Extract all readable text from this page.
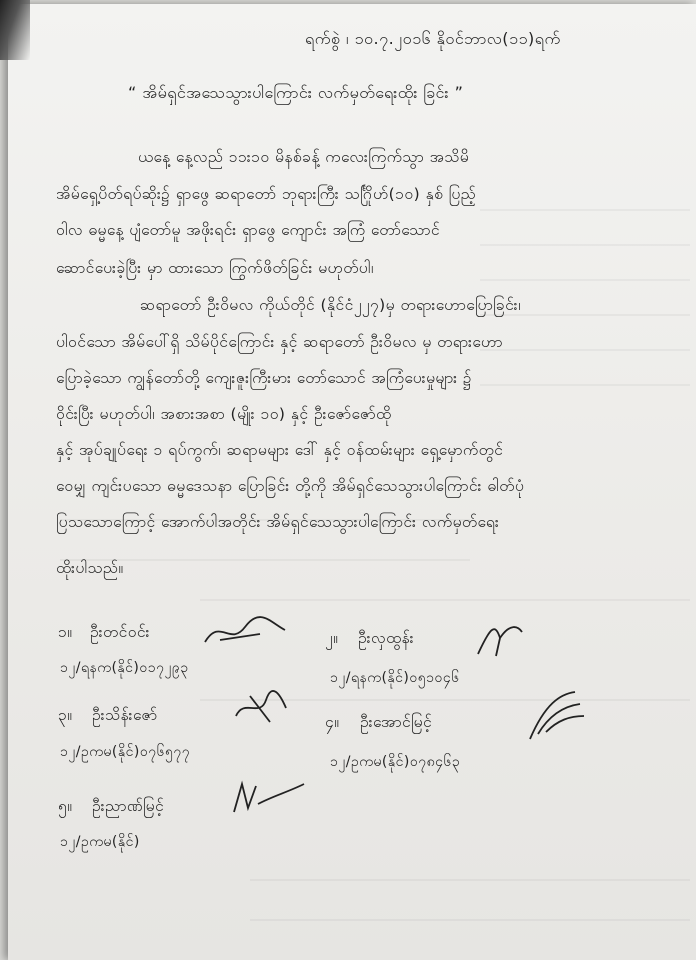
ရက်စွဲ ၊ ၁၀.၇.၂၀၁၆ နိုဝင်ဘာလ(၁၁)ရက်
“ အိမ်ရှင်အသေသွားပါကြောင်း လက်မှတ်ရေးထိုး ခြင်း ”
ယနေ့ နေ့လည် ၁၁း၁၀ မိနစ်ခန့် ကလေးကြက်သွာ အသိမိ
အိမ်ရှေ့ပိတ်ရပ်ဆိုး၌ ရှာဖွေ ဆရာတော် ဘုရားကြီး သင်္ဂြိုဟ်(၁၀) နှစ် ပြည့်
ဝါလ ဓမ္မနေ့ ပျံတော်မူ အဖိုးရင်း ရှာဖွေ ကျောင်း အကြံ တော်သောင်
ဆောင်ပေးခဲ့ပြီး မှာ ထားသော ကြွက်ဖိတ်ခြင်း မဟုတ်ပါ၊
ဆရာတော် ဦးဝိမလ ကိုယ်တိုင် (နိုင်ငံ၂၂၇)မှ တရားဟောပြောခြင်း၊
ပါဝင်သော အိမ်ပေါ်ရှိ သိမ်ပိုင်ကြောင်း နှင့် ဆရာတော် ဦးဝိမလ မှ တရားဟော
ပြောခဲ့သော ကျွန်တော်တို့ ကျေးဇူးကြီးမား တော်သောင် အကြံပေးမှုများ ၌
ဝိုင်းပြီး မဟုတ်ပါ၊ အစားအစာ (မျိုး ၁၀) နှင့် ဦးဇော်ဇော်ထို
နှင့် အုပ်ချုပ်ရေး ၁ ရပ်ကွက်၊ ဆရာမများ ဒေါ် နှင့် ဝန်ထမ်းများ ရှေ့မှောက်တွင်
ဝေမျှ ကျင်းပသော ဓမ္မဒေသနာ ပြောခြင်း တို့ကို အိမ်ရှင်သေသွားပါကြောင်း ဓါတ်ပုံ
ပြသသောကြောင့် အောက်ပါအတိုင်း အိမ်ရှင်သေသွားပါကြောင်း လက်မှတ်ရေး
ထိုးပါသည်။
၁။ ဦးတင်ဝင်း
၁၂/ရနက(နိုင်)၀၁၇၂၉၃
၂။ ဦးလှထွန်း
၁၂/ရနက(နိုင်)၀၅၁၀၄၆
၃။ ဦးသိန်းဇော်
၁၂/ဥကမ(နိုင်)၀၇၆၅၇၇
၄။ ဦးအောင်မြင့်
၁၂/ဥကမ(နိုင်)၀၇၈၄၆၃
၅။ ဦးညာဏ်မြင့်
၁၂/ဥကမ(နိုင်)
